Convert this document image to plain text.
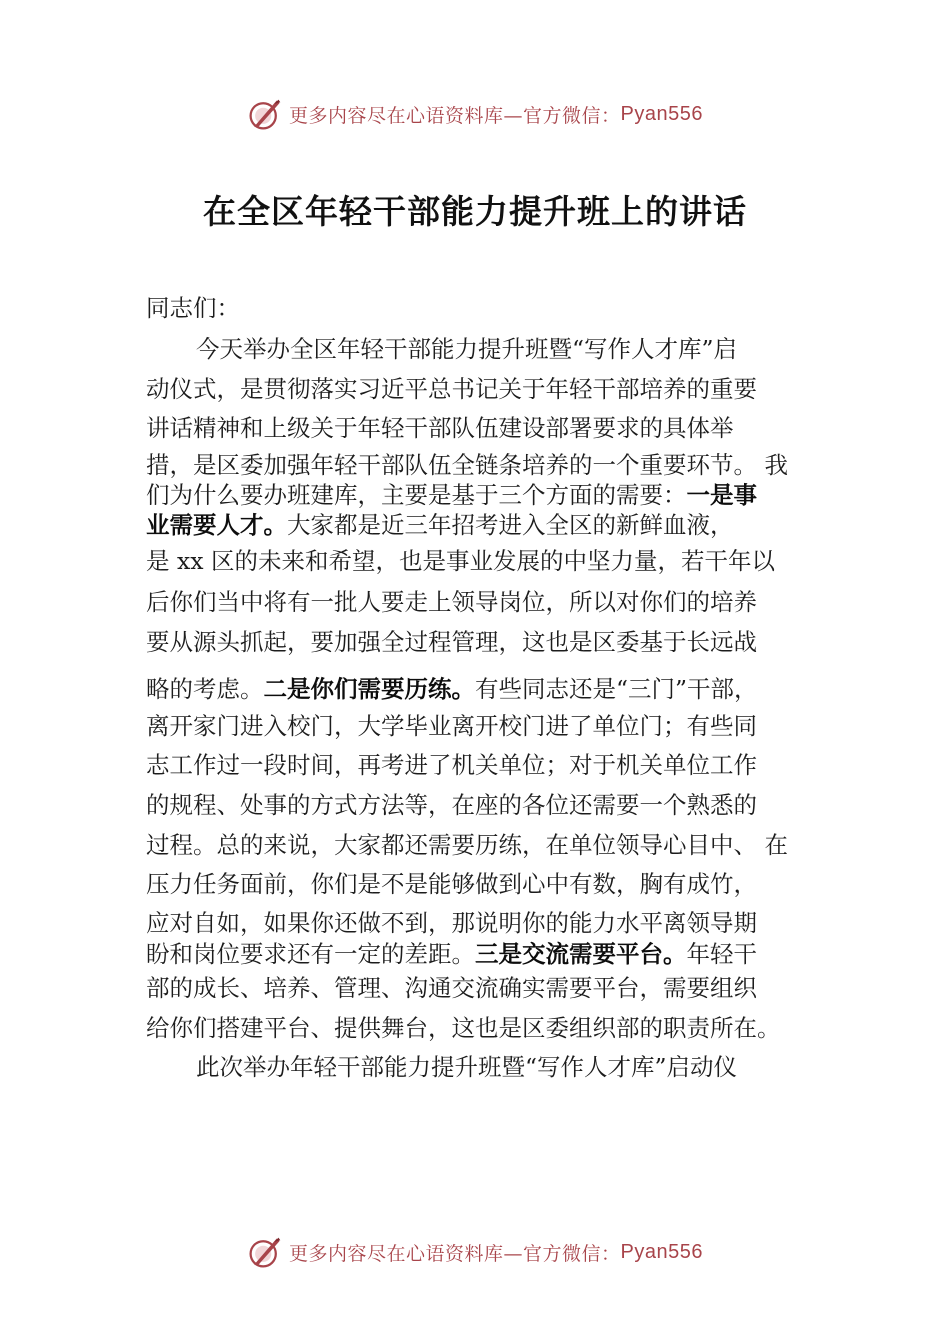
更多内容尽在心语资料库—官方微信： Pyan556
在全区年轻干部能力提升班上的讲话
同志们：
今天举办全区年轻干部能力提升班暨“写作人才库”启
动仪式，是贯彻落实习近平总书记关于年轻干部培养的重要
讲话精神和上级关于年轻干部队伍建设部署要求的具体举
措，是区委加强年轻干部队伍全链条培养的一个重要环节。 我
们为什么要办班建库，主要是基于三个方面的需要：一是事
业需要人才。大家都是近三年招考进入全区的新鲜血液，
是 xx 区的未来和希望，也是事业发展的中坚力量，若干年以
后你们当中将有一批人要走上领导岗位，所以对你们的培养
要从源头抓起，要加强全过程管理，这也是区委基于长远战
略的考虑。二是你们需要历练。有些同志还是“三门”干部，
离开家门进入校门，大学毕业离开校门进了单位门；有些同
志工作过一段时间，再考进了机关单位；对于机关单位工作
的规程、处事的方式方法等，在座的各位还需要一个熟悉的
过程。总的来说，大家都还需要历练，在单位领导心目中、 在
压力任务面前，你们是不是能够做到心中有数，胸有成竹，
应对自如，如果你还做不到，那说明你的能力水平离领导期
盼和岗位要求还有一定的差距。三是交流需要平台。年轻干
部的成长、培养、管理、沟通交流确实需要平台，需要组织
给你们搭建平台、提供舞台，这也是区委组织部的职责所在。
此次举办年轻干部能力提升班暨“写作人才库”启动仪
更多内容尽在心语资料库—官方微信： Pyan556
